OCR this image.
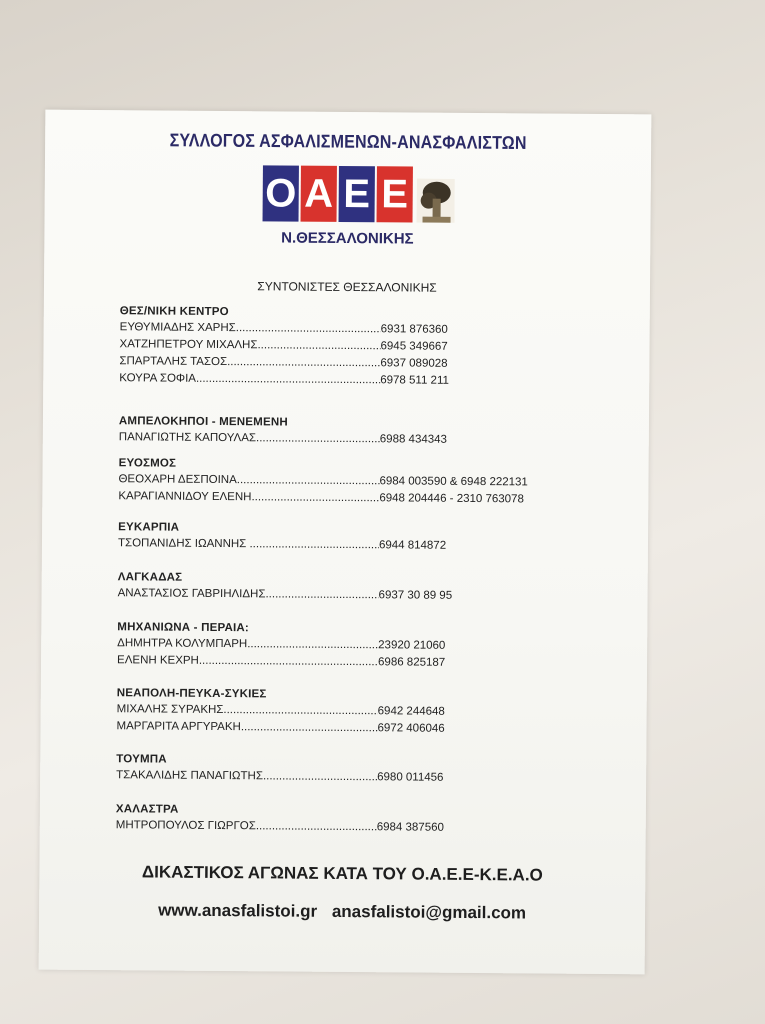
ΣΥΛΛΟΓΟΣ ΑΣΦΑΛΙΣΜΕΝΩΝ-ΑΝΑΣΦΑΛΙΣΤΩΝ
Ο Α Ε Ε
Ν.ΘΕΣΣΑΛΟΝΙΚΗΣ
ΣΥΝΤΟΝΙΣΤΕΣ ΘΕΣΣΑΛΟΝΙΚΗΣ
ΘΕΣ/ΝΙΚΗ ΚΕΝΤΡΟ
ΕΥΘΥΜΙΑΔΗΣ ΧΑΡΗΣ .....	6931 876360
ΧΑΤΖΗΠΕΤΡΟΥ ΜΙΧΑΛΗΣ .....	6945 349667
ΣΠΑΡΤΑΛΗΣ ΤΑΣΟΣ .....	6937 089028
ΚΟΥΡΑ ΣΟΦΙΑ .....	6978 511 211
ΑΜΠΕΛΟΚΗΠΟΙ - ΜΕΝΕΜΕΝΗ
ΠΑΝΑΓΙΩΤΗΣ ΚΑΠΟΥΛΑΣ .....	6988 434343
ΕΥΟΣΜΟΣ
ΘΕΟΧΑΡΗ ΔΕΣΠΟΙΝΑ .....	6984 003590 & 6948 222131
ΚΑΡΑΓΙΑΝΝΙΔΟΥ ΕΛΕΝΗ .....	6948 204446 - 2310 763078
ΕΥΚΑΡΠΙΑ
ΤΣΟΠΑΝΙΔΗΣ ΙΩΑΝΝΗΣ .....	6944 814872
ΛΑΓΚΑΔΑΣ
ΑΝΑΣΤΑΣΙΟΣ ΓΑΒΡΙΗΛΙΔΗΣ .....	6937 30 89 95
ΜΗΧΑΝΙΩΝΑ - ΠΕΡΑΙΑ:
ΔΗΜΗΤΡΑ ΚΟΛΥΜΠΑΡΗ .....	23920 21060
ΕΛΕΝΗ ΚΕΧΡΗ .....	6986 825187
ΝΕΑΠΟΛΗ-ΠΕΥΚΑ-ΣΥΚΙΕΣ
ΜΙΧΑΛΗΣ ΣΥΡΑΚΗΣ .....	6942 244648
ΜΑΡΓΑΡΙΤΑ ΑΡΓΥΡΑΚΗ .....	6972 406046
ΤΟΥΜΠΑ
ΤΣΑΚΑΛΙΔΗΣ ΠΑΝΑΓΙΩΤΗΣ .....	6980 011456
ΧΑΛΑΣΤΡΑ
ΜΗΤΡΟΠΟΥΛΟΣ ΓΙΩΡΓΟΣ .....	6984 387560
ΔΙΚΑΣΤΙΚΟΣ ΑΓΩΝΑΣ ΚΑΤΑ ΤΟΥ Ο.Α.Ε.Ε-Κ.Ε.Α.Ο
www.anasfalistoi.gr anasfalistoi@gmail.com
